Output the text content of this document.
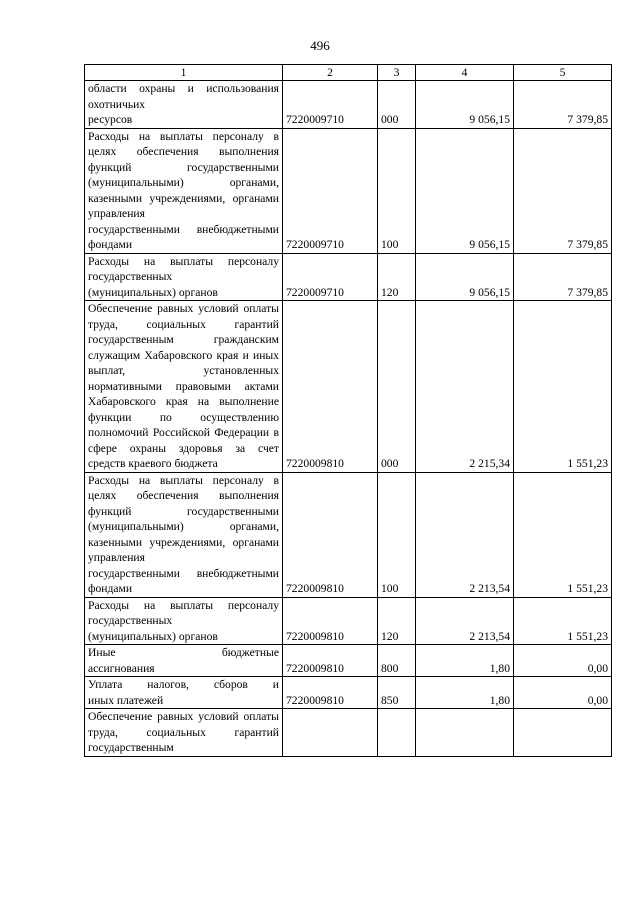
496
1	2	3	4	5
области охраны и использования охотничьих
ресурсов	7220009710	000	9 056,15	7 379,85
Расходы на выплаты персоналу в целях обеспечения выполнения функций государственными (муниципальными) органами, казенными учреждениями, органами управления
государственными внебюджетными фондами	7220009710	100	9 056,15	7 379,85
Расходы на выплаты персоналу государственных
(муниципальных) органов	7220009710	120	9 056,15	7 379,85
Обеспечение равных условий оплаты труда, социальных гарантий государственным гражданским служащим Хабаровского края и иных выплат, установленных нормативными правовыми актами Хабаровского края на выполнение функции по осуществлению полномочий Российской Федерации в сфере охраны здоровья за счет
средств краевого бюджета	7220009810	000	2 215,34	1 551,23
Расходы на выплаты персоналу в целях обеспечения выполнения функций государственными (муниципальными) органами, казенными учреждениями, органами управления
государственными внебюджетными фондами	7220009810	100	2 213,54	1 551,23
Расходы на выплаты персоналу государственных
(муниципальных) органов	7220009810	120	2 213,54	1 551,23
Иные бюджетные
ассигнования	7220009810	800	1,80	0,00
Уплата налогов, сборов и
иных платежей	7220009810	850	1,80	0,00
Обеспечение равных условий оплаты труда, социальных гарантий государственным				
